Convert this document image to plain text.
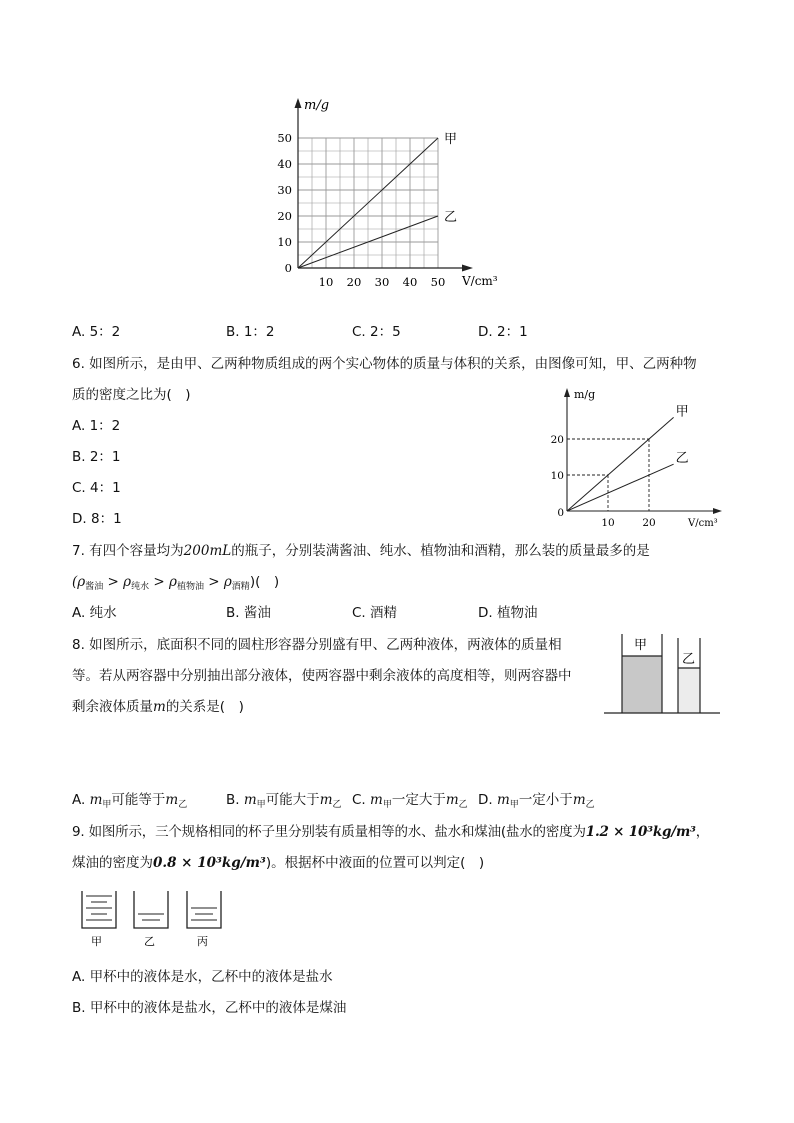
m/g
V/cm³
甲
乙
10 20 30 40 50
0
10
20
30
40
50
A. 5：2	B. 1：2	C. 2：5	D. 2：1
6. 如图所示，是由甲、乙两种物质组成的两个实心物体的质量与体积的关系，由图像可知，甲、乙两种物
质的密度之比为(　)
A. 1：2
B. 2：1
C. 4：1
D. 8：1
m/g
V/cm³
甲
乙
10	20
0
10
20
7. 有四个容量均为200mL的瓶子，分别装满酱油、纯水、植物油和酒精，那么装的质量最多的是
$(\rho_{酱油} > \rho_{纯水} > \rho_{植物油} > \rho_{酒精})$(　)
A. 纯水	B. 酱油	C. 酒精	D. 植物油
8. 如图所示，底面积不同的圆柱形容器分别盛有甲、乙两种液体，两液体的质量相
等。若从两容器中分别抽出部分液体，使两容器中剩余液体的高度相等，则两容器中
剩余液体质量m的关系是(　)
甲
乙
A. $m_甲$可能等于$m_乙$	B. $m_甲$可能大于$m_乙$ C. $m_甲$一定大于$m_乙$ D. $m_甲$一定小于$m_乙$
9. 如图所示，三个规格相同的杯子里分别装有质量相等的水、盐水和煤油(盐水的密度为1.2 × 10³kg/m³，
煤油的密度为0.8 × 10³kg/m³)。根据杯中液面的位置可以判定(　)
甲	乙	丙
A. 甲杯中的液体是水，乙杯中的液体是盐水
B. 甲杯中的液体是盐水，乙杯中的液体是煤油
